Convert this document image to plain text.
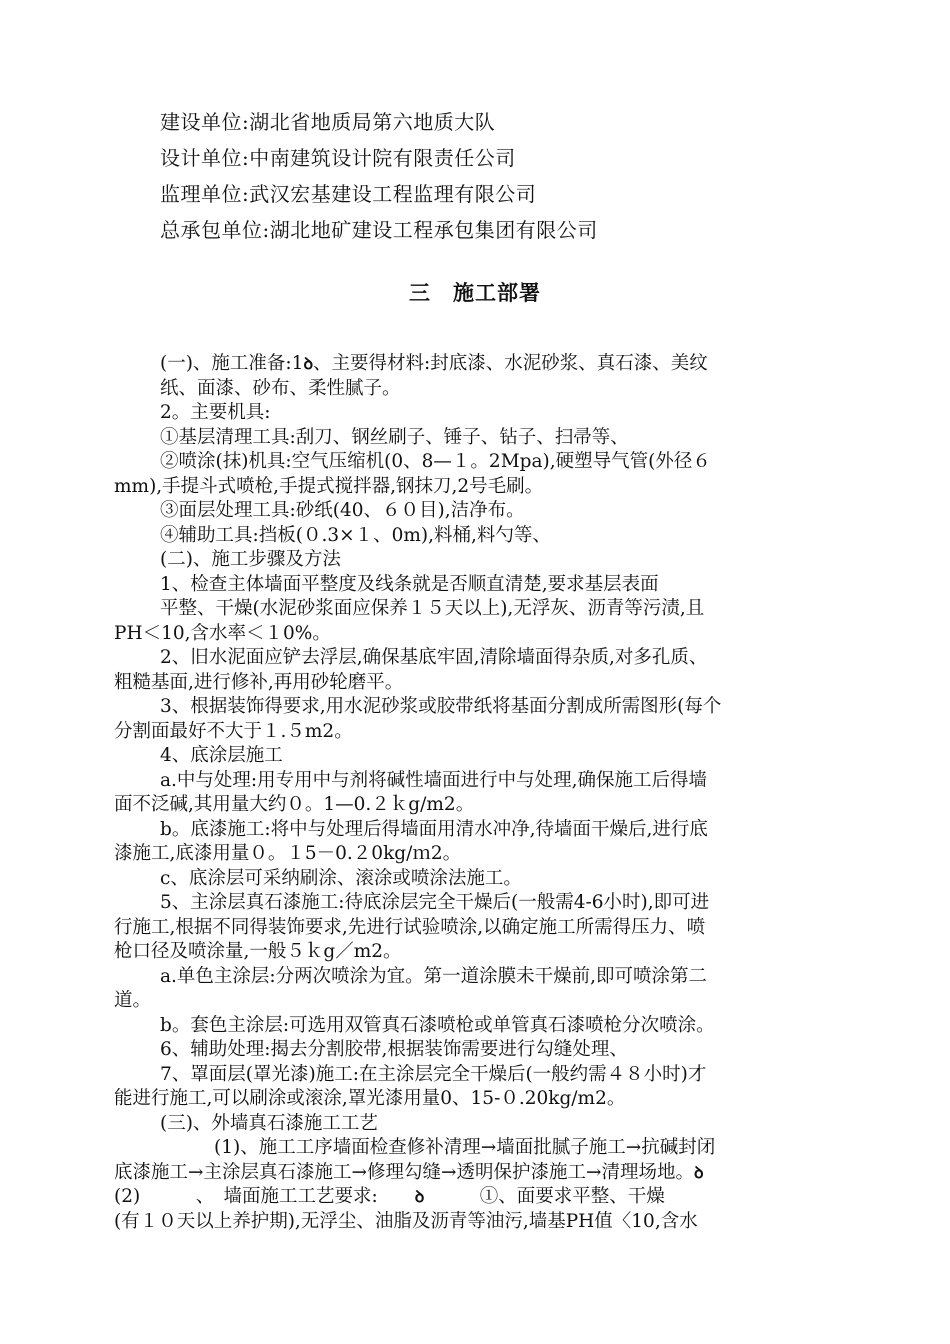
建设单位:湖北省地质局第六地质大队
设计单位:中南建筑设计院有限责任公司
监理单位:武汉宏基建设工程监理有限公司
总承包单位:湖北地矿建设工程承包集团有限公司
三　施工部署
(一)、施工准备:1ꝺ、主要得材料:封底漆、水泥砂浆、真石漆、美纹
纸、面漆、砂布、柔性腻子。
2。主要机具:
①基层清理工具:刮刀、钢丝刷子、锤子、钻子、扫帚等、
②喷涂(抹)机具:空气压缩机(0、8—１。2Mpa),硬塑导气管(外径６
mm),手提斗式喷枪,手提式搅拌器,钢抹刀,2号毛刷。
③面层处理工具:砂纸(40、６０目),洁净布。
④辅助工具:挡板(０.3×１、0m),料桶,料勺等、
(二)、施工步骤及方法
1、检查主体墙面平整度及线条就是否顺直清楚,要求基层表面
平整、干燥(水泥砂浆面应保养１５天以上),无浮灰、沥青等污渍,且
PH＜10,含水率＜１0%。
2、旧水泥面应铲去浮层,确保基底牢固,清除墙面得杂质,对多孔质、
粗糙基面,进行修补,再用砂轮磨平。
3、根据装饰得要求,用水泥砂浆或胶带纸将基面分割成所需图形(每个
分割面最好不大于１.５m2。
4、底涂层施工
a.中与处理:用专用中与剂将碱性墙面进行中与处理,确保施工后得墙
面不泛碱,其用量大约０。1—0.２ｋg/m2。
b。底漆施工:将中与处理后得墙面用清水冲净,待墙面干燥后,进行底
漆施工,底漆用量０。１5－0.２0kg/ｍ2。
c、底涂层可采纳刷涂、滚涂或喷涂法施工。
5、主涂层真石漆施工:待底涂层完全干燥后(一般需4-6小时),即可进
行施工,根据不同得装饰要求,先进行试验喷涂,以确定施工所需得压力、喷
枪口径及喷涂量,一般５ｋg／m2。
a.单色主涂层:分两次喷涂为宜。第一道涂膜未干燥前,即可喷涂第二
道。
b。套色主涂层:可选用双管真石漆喷枪或单管真石漆喷枪分次喷涂。
6、辅助处理:揭去分割胶带,根据装饰需要进行勾缝处理、
7、罩面层(罩光漆)施工:在主涂层完全干燥后(一般约需４８小时)才
能进行施工,可以刷涂或滚涂,罩光漆用量0、15-０.20kg/m2。
(三)、外墙真石漆施工工艺
(1)、施工工序墙面检查修补清理→墙面批腻子施工→抗碱封闭
底漆施工→主涂层真石漆施工→修理勾缝→透明保护漆施工→清理场地。ꝺ
(2)　　　、　墙面施工工艺要求:　　ꝺ　　　①、面要求平整、干燥
(有１０天以上养护期),无浮尘、油脂及沥青等油污,墙基PH值〈10,含水
